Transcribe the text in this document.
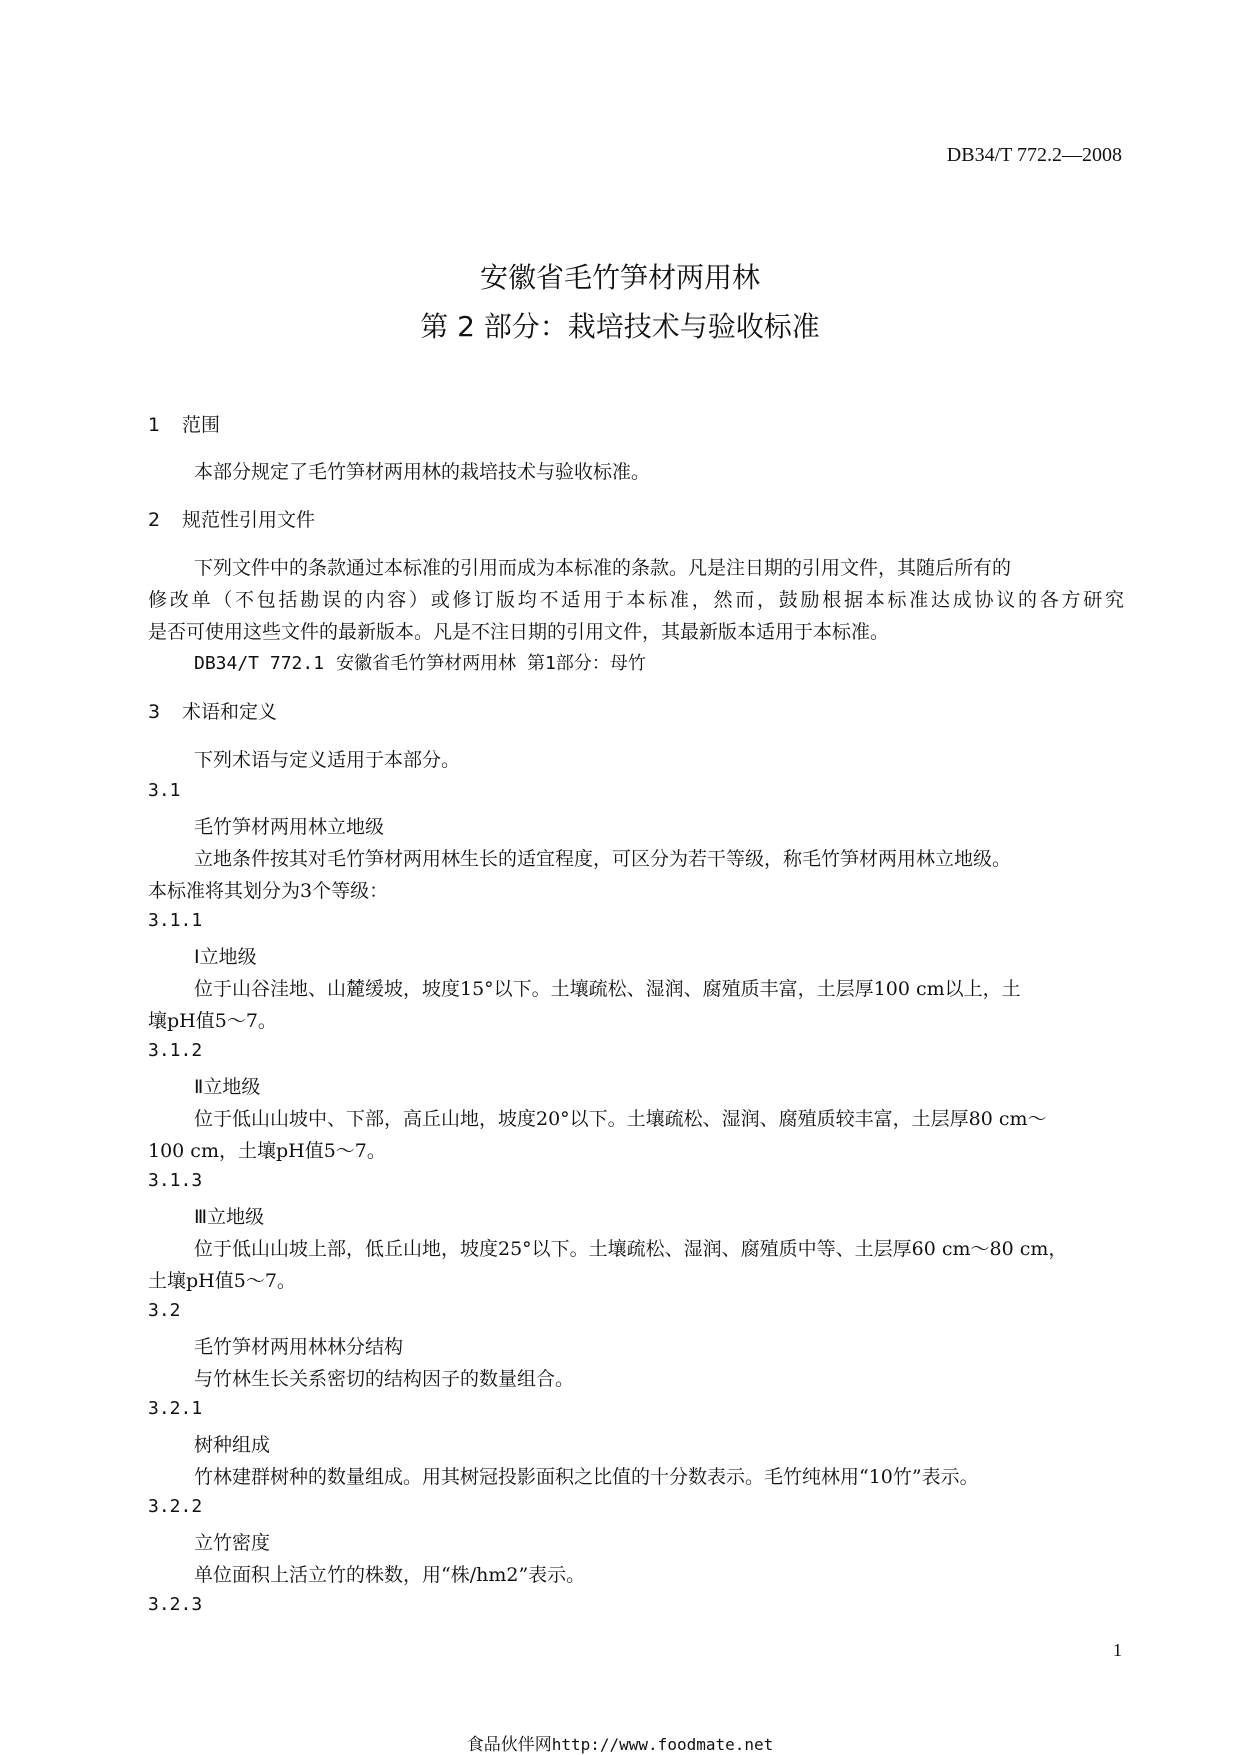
DB34/T 772.2—2008
安徽省毛竹笋材两用林
第 2 部分：栽培技术与验收标准
1 范围
本部分规定了毛竹笋材两用林的栽培技术与验收标准。
2 规范性引用文件
下列文件中的条款通过本标准的引用而成为本标准的条款。凡是注日期的引用文件，其随后所有的
修改单（不包括勘误的内容）或修订版均不适用于本标准，然而，鼓励根据本标准达成协议的各方研究
是否可使用这些文件的最新版本。凡是不注日期的引用文件，其最新版本适用于本标准。
DB34/T 772.1 安徽省毛竹笋材两用林 第1部分：母竹
3 术语和定义
下列术语与定义适用于本部分。
3.1
毛竹笋材两用林立地级
立地条件按其对毛竹笋材两用林生长的适宜程度，可区分为若干等级，称毛竹笋材两用林立地级。
本标准将其划分为3个等级：
3.1.1
Ⅰ立地级
位于山谷洼地、山麓缓坡，坡度15°以下。土壤疏松、湿润、腐殖质丰富，土层厚100 cm以上，土
壤pH值5～7。
3.1.2
Ⅱ立地级
位于低山山坡中、下部，高丘山地，坡度20°以下。土壤疏松、湿润、腐殖质较丰富，土层厚80 cm～
100 cm，土壤pH值5～7。
3.1.3
Ⅲ立地级
位于低山山坡上部，低丘山地，坡度25°以下。土壤疏松、湿润、腐殖质中等、土层厚60 cm～80 cm，
土壤pH值5～7。
3.2
毛竹笋材两用林林分结构
与竹林生长关系密切的结构因子的数量组合。
3.2.1
树种组成
竹林建群树种的数量组成。用其树冠投影面积之比值的十分数表示。毛竹纯林用“10竹”表示。
3.2.2
立竹密度
单位面积上活立竹的株数，用“株/hm2”表示。
3.2.3
1
食品伙伴网http://www.foodmate.net
